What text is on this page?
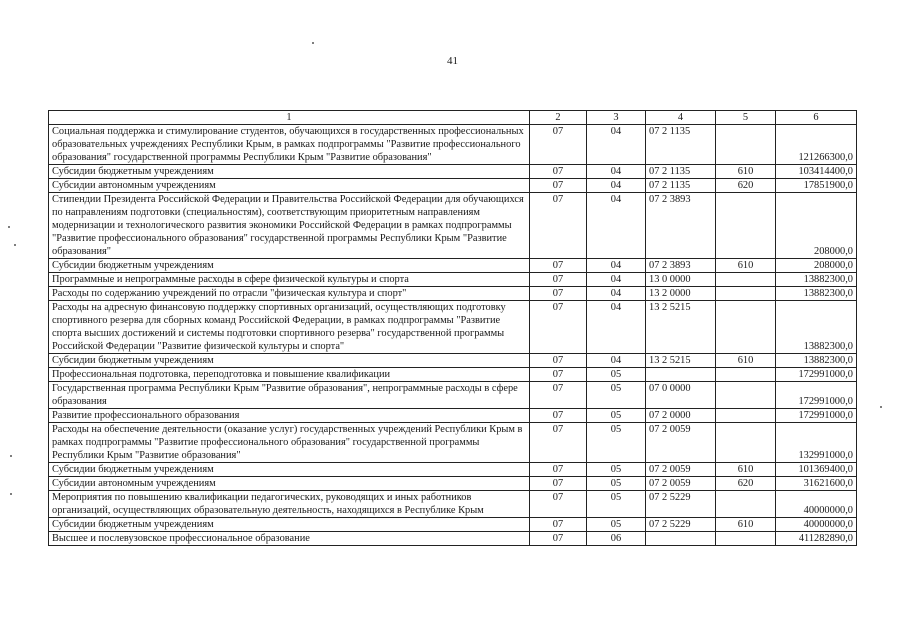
41
1	2	3	4	5	6
Социальная поддержка и стимулирование студентов, обучающихся в государственных профессиональных образовательных учреждениях Республики Крым, в рамках подпрограммы "Развитие профессионального образования" государственной программы Республики Крым "Развитие образования"	07	04	07 2 1135		121266300,0
Субсидии бюджетным учреждениям	07	04	07 2 1135	610	103414400,0
Субсидии автономным учреждениям	07	04	07 2 1135	620	17851900,0
Стипендии Президента Российской Федерации и Правительства Российской Федерации для обучающихся по направлениям подготовки (специальностям), соответствующим приоритетным направлениям модернизации и технологического развития экономики Российской Федерации в рамках подпрограммы "Развитие профессионального образования" государственной программы Республики Крым "Развитие образования"	07	04	07 2 3893		208000,0
Субсидии бюджетным учреждениям	07	04	07 2 3893	610	208000,0
Программные и непрограммные расходы в сфере физической культуры и спорта	07	04	13 0 0000		13882300,0
Расходы по содержанию учреждений по отрасли "физическая культура и спорт"	07	04	13 2 0000		13882300,0
Расходы на адресную финансовую поддержку спортивных организаций, осуществляющих подготовку спортивного резерва для сборных команд Российской Федерации, в рамках подпрограммы "Развитие спорта высших достижений и системы подготовки спортивного резерва" государственной программы Российской Федерации "Развитие физической культуры и спорта"	07	04	13 2 5215		13882300,0
Субсидии бюджетным учреждениям	07	04	13 2 5215	610	13882300,0
Профессиональная подготовка, переподготовка и повышение квалификации	07	05			172991000,0
Государственная программа Республики Крым "Развитие образования", непрограммные расходы в сфере образования	07	05	07 0 0000		172991000,0
Развитие профессионального образования	07	05	07 2 0000		172991000,0
Расходы на обеспечение деятельности (оказание услуг) государственных учреждений Республики Крым в рамках подпрограммы "Развитие профессионального образования" государственной программы Республики Крым "Развитие образования"	07	05	07 2 0059		132991000,0
Субсидии бюджетным учреждениям	07	05	07 2 0059	610	101369400,0
Субсидии автономным учреждениям	07	05	07 2 0059	620	31621600,0
Мероприятия по повышению квалификации педагогических, руководящих и иных работников организаций, осуществляющих образовательную деятельность, находящихся в Республике Крым	07	05	07 2 5229		40000000,0
Субсидии бюджетным учреждениям	07	05	07 2 5229	610	40000000,0
Высшее и послевузовское профессиональное образование	07	06			411282890,0
